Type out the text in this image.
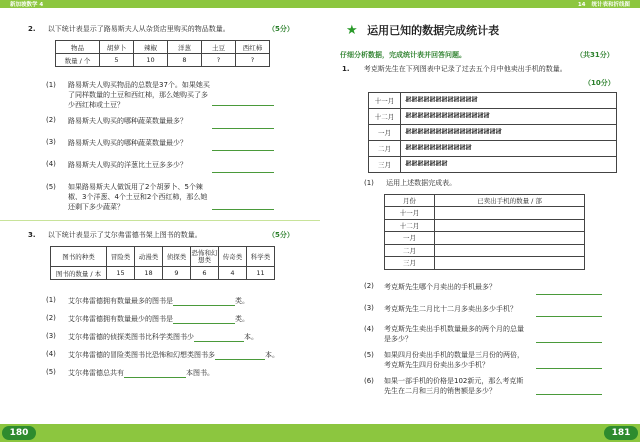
新加坡数学 4
2. 以下统计表显示了路易斯夫人从杂货店里购买的物品数量。	（5分）
物品	胡萝卜	辣椒	洋葱	土豆	西红柿
数量 / 个	5	10	8	?	?
(1) 路易斯夫人购买物品的总数是37个。如果她买
了同样数量的土豆和西红柿，那么她购买了多
少西红柿或土豆？
(2) 路易斯夫人购买的哪种蔬菜数量最多？
(3) 路易斯夫人购买的哪种蔬菜数量最少？
(4) 路易斯夫人购买的洋葱比土豆多多少？
(5) 如果路易斯夫人做饭用了2个胡萝卜、5个辣
椒、3个洋葱、4个土豆和2个西红柿，那么她
还剩下多少蔬菜？
3. 以下统计表显示了艾尔弗雷德书架上图书的数量。	（5分）
图书的种类	冒险类	动漫类	侦探类	恐怖和幻想类	传奇类	科学类
图书的数量 / 本	15	18	9	6	4	11
(1) 艾尔弗雷德拥有数量最多的图书是	类。
(2) 艾尔弗雷德拥有数量最少的图书是	类。
(3) 艾尔弗雷德的侦探类图书比科学类图书少	本。
(4) 艾尔弗雷德的冒险类图书比恐怖和幻想类图书多	本。
(5) 艾尔弗雷德总共有	本图书。
180
14 统计表和折线图
★ 运用已知的数据完成统计表
仔细分析数据，完成统计表并回答问题。	（共31分）
1. 考克斯先生在下列图表中记录了过去五个月中他卖出手机的数量。
（10分）
十一月	𝍸𝍸𝍸𝍸𝍸𝍸𝍸𝍸𝍸𝍸𝍸𝍸
十二月	𝍸𝍸𝍸𝍸𝍸𝍸𝍸𝍸𝍸𝍸𝍸𝍸𝍸𝍸
一月	𝍸𝍸𝍸𝍸𝍸𝍸𝍸𝍸𝍸𝍸𝍸𝍸𝍸𝍸𝍸𝍸
二月	𝍸𝍸𝍸𝍸𝍸𝍸𝍸𝍸𝍸𝍸𝍸
三月	𝍸𝍸𝍸𝍸𝍸𝍸𝍸
(1) 运用上述数据完成表。
月份	已卖出手机的数量 / 部
十一月	
十二月	
一月	
二月	
三月	
(2) 考克斯先生哪个月卖出的手机最多？
(3) 考克斯先生二月比十二月多卖出多少手机？
(4) 考克斯先生卖出手机数量最多的两个月的总量
是多少？
(5) 如果四月份卖出手机的数量是三月份的两倍，
考克斯先生四月份卖出多少手机？
(6) 如果一部手机的价格是102新元，那么考克斯
先生在二月和三月的销售额是多少？
181
